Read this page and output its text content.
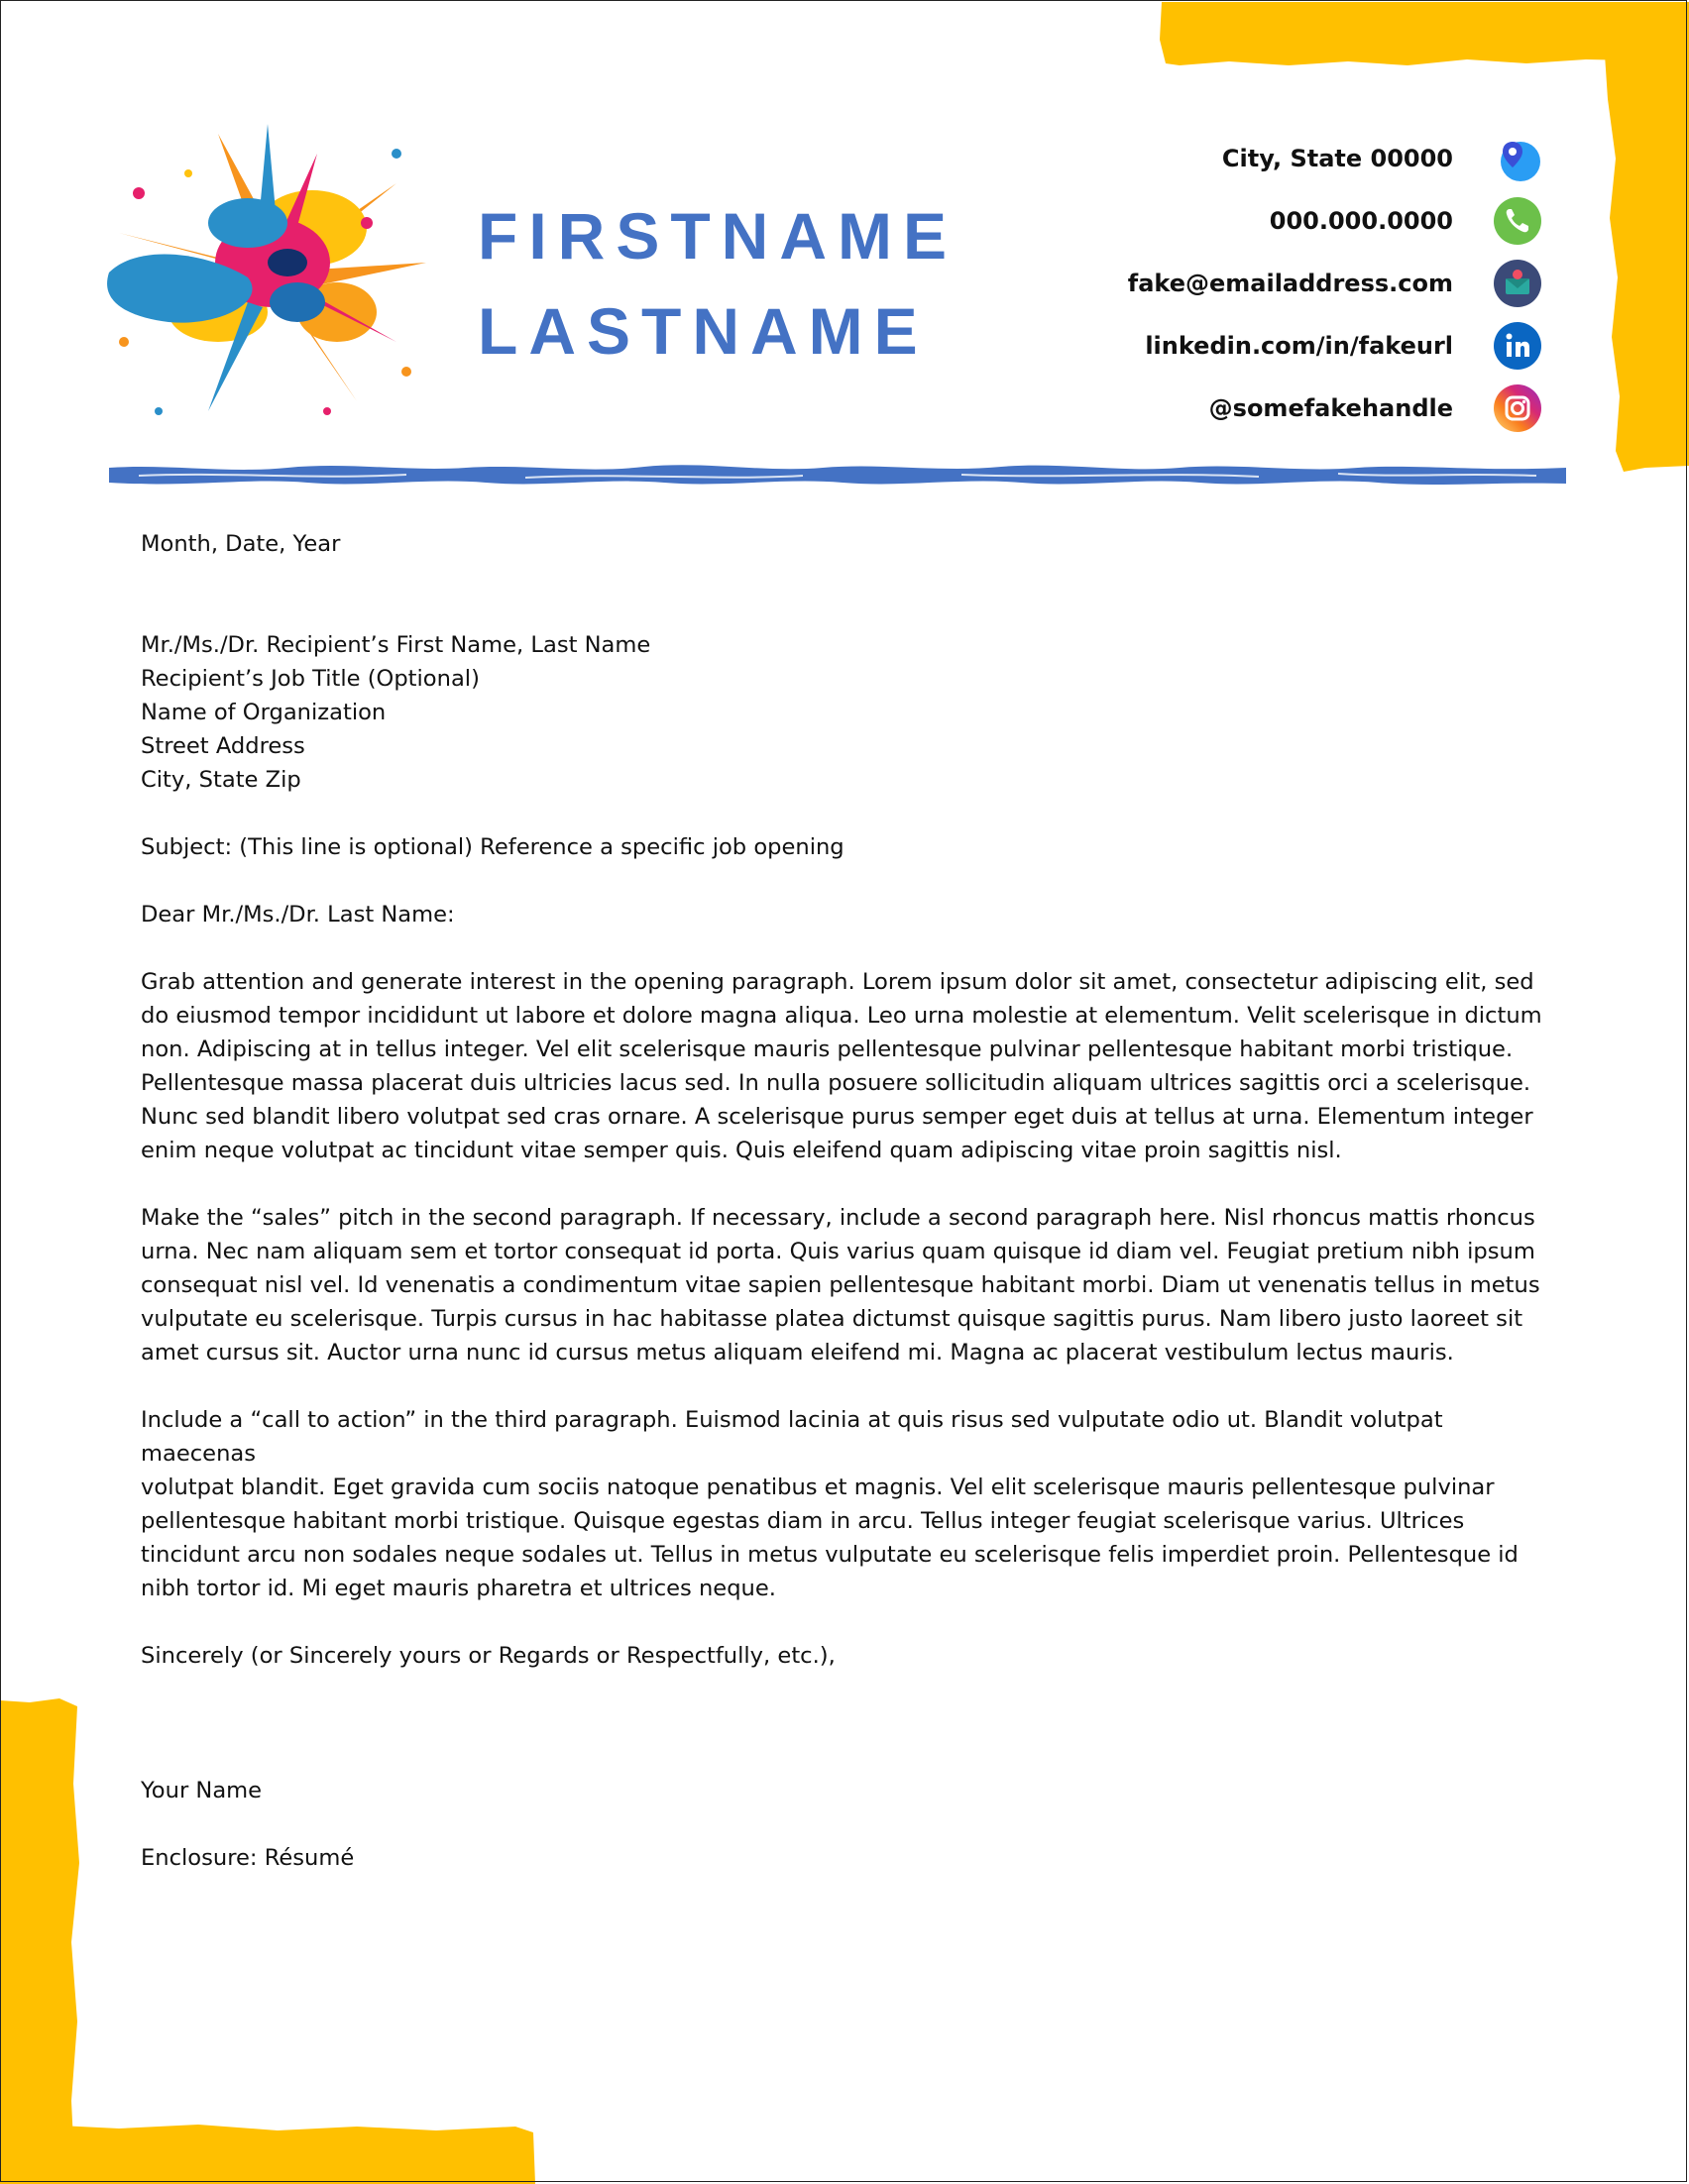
FIRSTNAME
LASTNAME
City, State 00000
000.000.0000
fake@emailaddress.com
linkedin.com/in/fakeurl
@somefakehandle

Month, Date, Year

Mr./Ms./Dr. Recipient’s First Name, Last Name

Recipient’s Job Title (Optional)

Name of Organization

Street Address

City, State Zip

Subject: (This line is optional) Reference a specific job opening

Dear Mr./Ms./Dr. Last Name:

Grab attention and generate interest in the opening paragraph. Lorem ipsum dolor sit amet, consectetur adipiscing elit, sed

do eiusmod tempor incididunt ut labore et dolore magna aliqua. Leo urna molestie at elementum. Velit scelerisque in dictum

non. Adipiscing at in tellus integer. Vel elit scelerisque mauris pellentesque pulvinar pellentesque habitant morbi tristique.

Pellentesque massa placerat duis ultricies lacus sed. In nulla posuere sollicitudin aliquam ultrices sagittis orci a scelerisque.

Nunc sed blandit libero volutpat sed cras ornare. A scelerisque purus semper eget duis at tellus at urna. Elementum integer

enim neque volutpat ac tincidunt vitae semper quis. Quis eleifend quam adipiscing vitae proin sagittis nisl.

Make the “sales” pitch in the second paragraph. If necessary, include a second paragraph here. Nisl rhoncus mattis rhoncus

urna. Nec nam aliquam sem et tortor consequat id porta. Quis varius quam quisque id diam vel. Feugiat pretium nibh ipsum

consequat nisl vel. Id venenatis a condimentum vitae sapien pellentesque habitant morbi. Diam ut venenatis tellus in metus

vulputate eu scelerisque. Turpis cursus in hac habitasse platea dictumst quisque sagittis purus. Nam libero justo laoreet sit

amet cursus sit. Auctor urna nunc id cursus metus aliquam eleifend mi. Magna ac placerat vestibulum lectus mauris.

Include a “call to action” in the third paragraph. Euismod lacinia at quis risus sed vulputate odio ut. Blandit volutpat maecenas

volutpat blandit. Eget gravida cum sociis natoque penatibus et magnis. Vel elit scelerisque mauris pellentesque pulvinar

pellentesque habitant morbi tristique. Quisque egestas diam in arcu. Tellus integer feugiat scelerisque varius. Ultrices

tincidunt arcu non sodales neque sodales ut. Tellus in metus vulputate eu scelerisque felis imperdiet proin. Pellentesque id

nibh tortor id. Mi eget mauris pharetra et ultrices neque.

Sincerely (or Sincerely yours or Regards or Respectfully, etc.),

Your Name

Enclosure: Résumé
